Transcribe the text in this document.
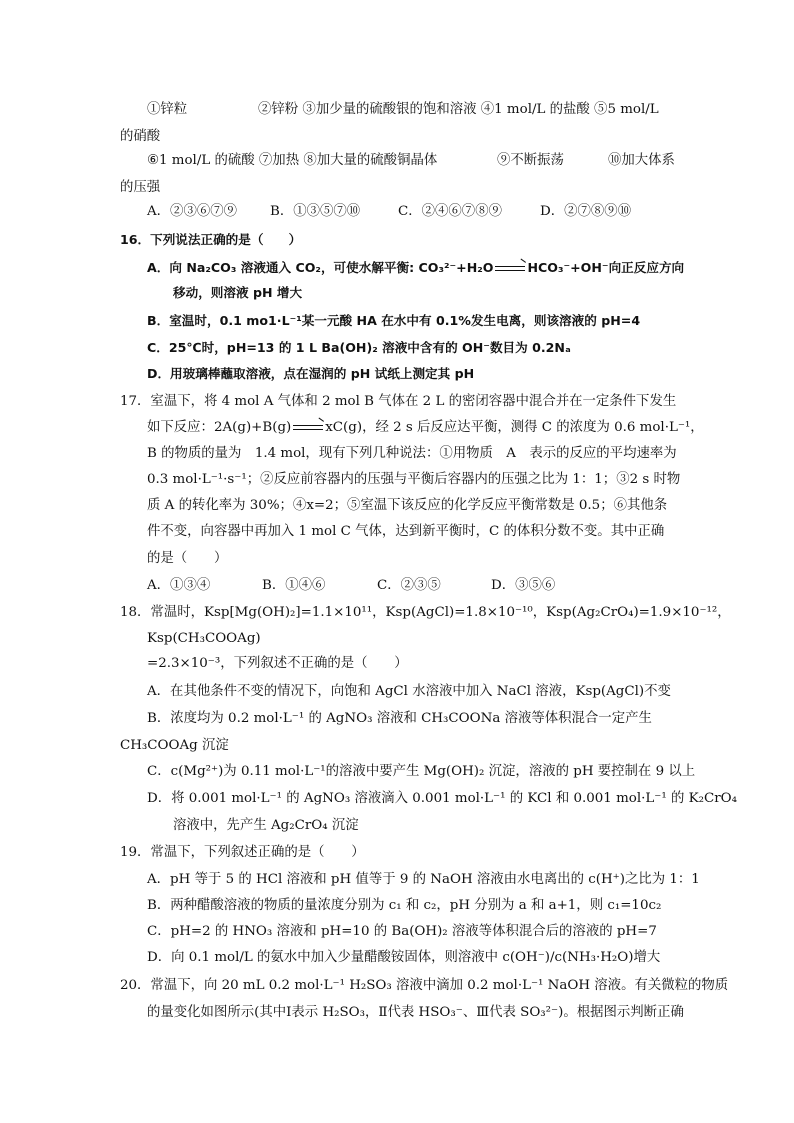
①锌粒	②锌粉 ③加少量的硫酸银的饱和溶液 ④1 mol/L 的盐酸 ⑤5 mol/L
的硝酸
⑥1 mol/L 的硫酸 ⑦加热 ⑧加大量的硫酸铜晶体	⑨不断振荡	⑩加大体系
的压强
A．②③⑥⑦⑨ B．①③⑤⑦⑩	C．②④⑥⑦⑧⑨	D．②⑦⑧⑨⑩
16．下列说法正确的是（　　）
A．向 Na₂CO₃ 溶液通入 CO₂，可使水解平衡: CO₃²⁻+H₂O → HCO₃⁻+OH⁻向正反应方向
移动，则溶液 pH 增大
B．室温时，0.1 mo1·L⁻¹某一元酸 HA 在水中有 0.1%发生电离，则该溶液的 pH=4
C．25℃时，pH=13 的 1 L Ba(OH)₂ 溶液中含有的 OH⁻数目为 0.2Nₐ
D．用玻璃棒蘸取溶液，点在湿润的 pH 试纸上测定其 pH
17．室温下，将 4 mol A 气体和 2 mol B 气体在 2 L 的密闭容器中混合并在一定条件下发生
如下反应：2A(g)+B(g) → xC(g)，经 2 s 后反应达平衡，测得 C 的浓度为 0.6 mol·L⁻¹，
B 的物质的量为　1.4 mol，现有下列几种说法：①用物质　A　表示的反应的平均速率为
0.3 mol·L⁻¹·s⁻¹；②反应前容器内的压强与平衡后容器内的压强之比为 1：1；③2 s 时物
质 A 的转化率为 30%；④x=2；⑤室温下该反应的化学反应平衡常数是 0.5；⑥其他条
件不变，向容器中再加入 1 mol C 气体，达到新平衡时，C 的体积分数不变。其中正确
的是（　　）
A．①③④	B．①④⑥	C．②③⑤	D．③⑤⑥
18．常温时，Ksp[Mg(OH)₂]=1.1×10¹¹，Ksp(AgCl)=1.8×10⁻¹⁰，Ksp(Ag₂CrO₄)=1.9×10⁻¹²，
Ksp(CH₃COOAg)
=2.3×10⁻³，下列叙述不正确的是（　　）
A．在其他条件不变的情况下，向饱和 AgCl 水溶液中加入 NaCl 溶液，Ksp(AgCl)不变
B．浓度均为 0.2 mol·L⁻¹ 的 AgNO₃ 溶液和 CH₃COONa 溶液等体积混合一定产生
CH₃COOAg 沉淀
C．c(Mg²⁺)为 0.11 mol·L⁻¹的溶液中要产生 Mg(OH)₂ 沉淀，溶液的 pH 要控制在 9 以上
D．将 0.001 mol·L⁻¹ 的 AgNO₃ 溶液滴入 0.001 mol·L⁻¹ 的 KCl 和 0.001 mol·L⁻¹ 的 K₂CrO₄
溶液中，先产生 Ag₂CrO₄ 沉淀
19．常温下，下列叙述正确的是（　　）
A．pH 等于 5 的 HCl 溶液和 pH 值等于 9 的 NaOH 溶液由水电离出的 c(H⁺)之比为 1：1
B．两种醋酸溶液的物质的量浓度分别为 c₁ 和 c₂，pH 分别为 a 和 a+1，则 c₁=10c₂
C．pH=2 的 HNO₃ 溶液和 pH=10 的 Ba(OH)₂ 溶液等体积混合后的溶液的 pH=7
D．向 0.1 mol/L 的氨水中加入少量醋酸铵固体，则溶液中 c(OH⁻)/c(NH₃·H₂O)增大
20．常温下，向 20 mL 0.2 mol·L⁻¹ H₂SO₃ 溶液中滴加 0.2 mol·L⁻¹ NaOH 溶液。有关微粒的物质
的量变化如图所示(其中Ⅰ表示 H₂SO₃，Ⅱ代表 HSO₃⁻、Ⅲ代表 SO₃²⁻)。根据图示判断正确
